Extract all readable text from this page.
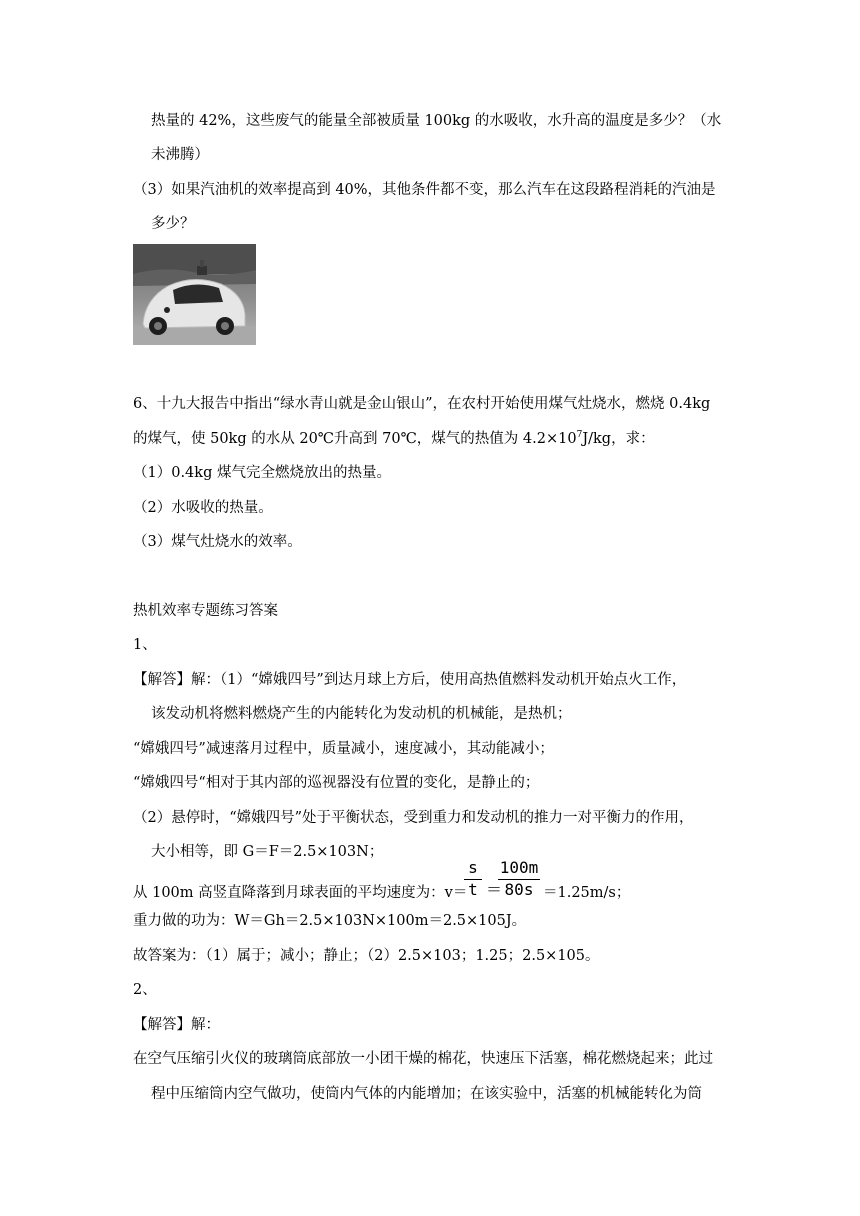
热量的 42%，这些废气的能量全部被质量 100kg 的水吸收，水升高的温度是多少？（水
未沸腾）
（3）如果汽油机的效率提高到 40%，其他条件都不变，那么汽车在这段路程消耗的汽油是
多少？
6、十九大报告中指出“绿水青山就是金山银山”，在农村开始使用煤气灶烧水，燃烧 0.4kg
的煤气，使 50kg 的水从 20℃升高到 70℃，煤气的热值为 $4.2\times 10^7J/kg$，求：
（1）0.4kg 煤气完全燃烧放出的热量。
（2）水吸收的热量。
（3）煤气灶烧水的效率。
热机效率专题练习答案
1、
【解答】解：（1）“嫦娥四号”到达月球上方后，使用高热值燃料发动机开始点火工作，
该发动机将燃料燃烧产生的内能转化为发动机的机械能，是热机；
“嫦娥四号”减速落月过程中，质量减小，速度减小，其动能减小；
“嫦娥四号“相对于其内部的巡视器没有位置的变化，是静止的；
（2）悬停时，“嫦娥四号”处于平衡状态，受到重力和发动机的推力一对平衡力的作用，
大小相等，即 G＝F＝2.5×103N；
从 100m 高竖直降落到月球表面的平均速度为：v＝
s
t ＝
100m
80s ＝1.25m/s；
重力做的功为：W＝Gh＝2.5×103N×100m＝2.5×105J。
故答案为：（1）属于；减小；静止；（2）2.5×103；1.25；2.5×105。
2、
【解答】解：
在空气压缩引火仪的玻璃筒底部放一小团干燥的棉花，快速压下活塞，棉花燃烧起来；此过
程中压缩筒内空气做功，使筒内气体的内能增加；在该实验中，活塞的机械能转化为筒
